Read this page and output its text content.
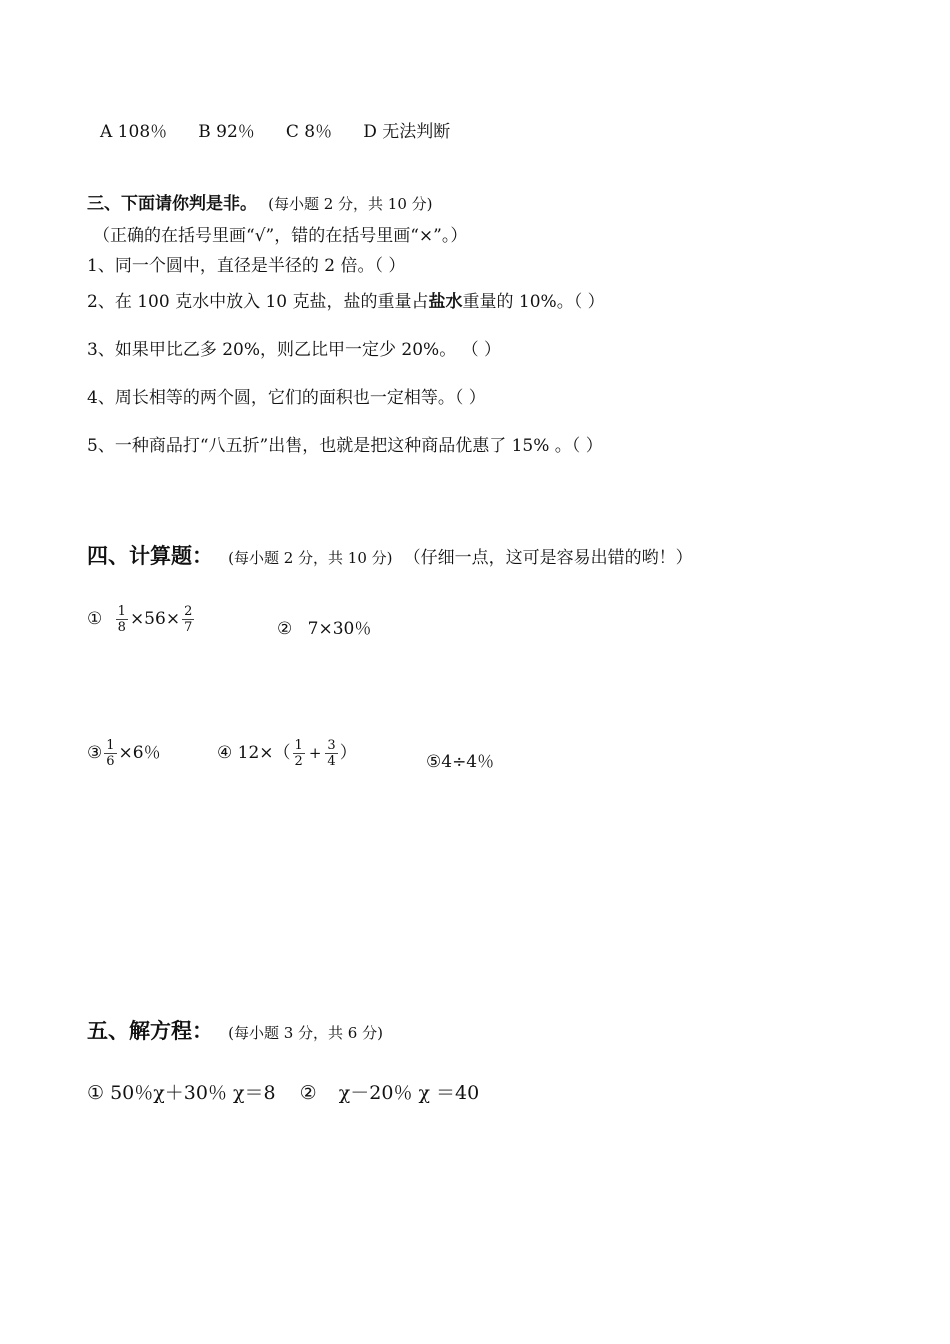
A 108％ B 92％ C 8％ D 无法判断
三、下面请你判是非。 (每小题 2 分，共 10 分)
（正确的在括号里画“√”，错的在括号里画“×”。）
1、同一个圆中，直径是半径的 2 倍。（ ）
2、在 100 克水中放入 10 克盐，盐的重量占盐水重量的 10%。（ ）
3、如果甲比乙多 20%，则乙比甲一定少 20%。 （ ）
4、周长相等的两个圆，它们的面积也一定相等。（ ）
5、一种商品打“八五折”出售，也就是把这种商品优惠了 15% 。（ ）
四、计算题： (每小题 2 分，共 10 分) （仔细一点，这可是容易出错的哟！）
① $\frac{1}{8} \times 56\times \frac{2}{7}$	② 7×30％
③ $\frac{1}{6} \times 6$％	④ $12\times( \frac{1}{2} + \frac{3}{4}$ ）	⑤4÷4％
五、解方程： (每小题 3 分，共 6 分)
① 50％χ＋30％ χ＝8 ② χ－20％ χ ＝40
